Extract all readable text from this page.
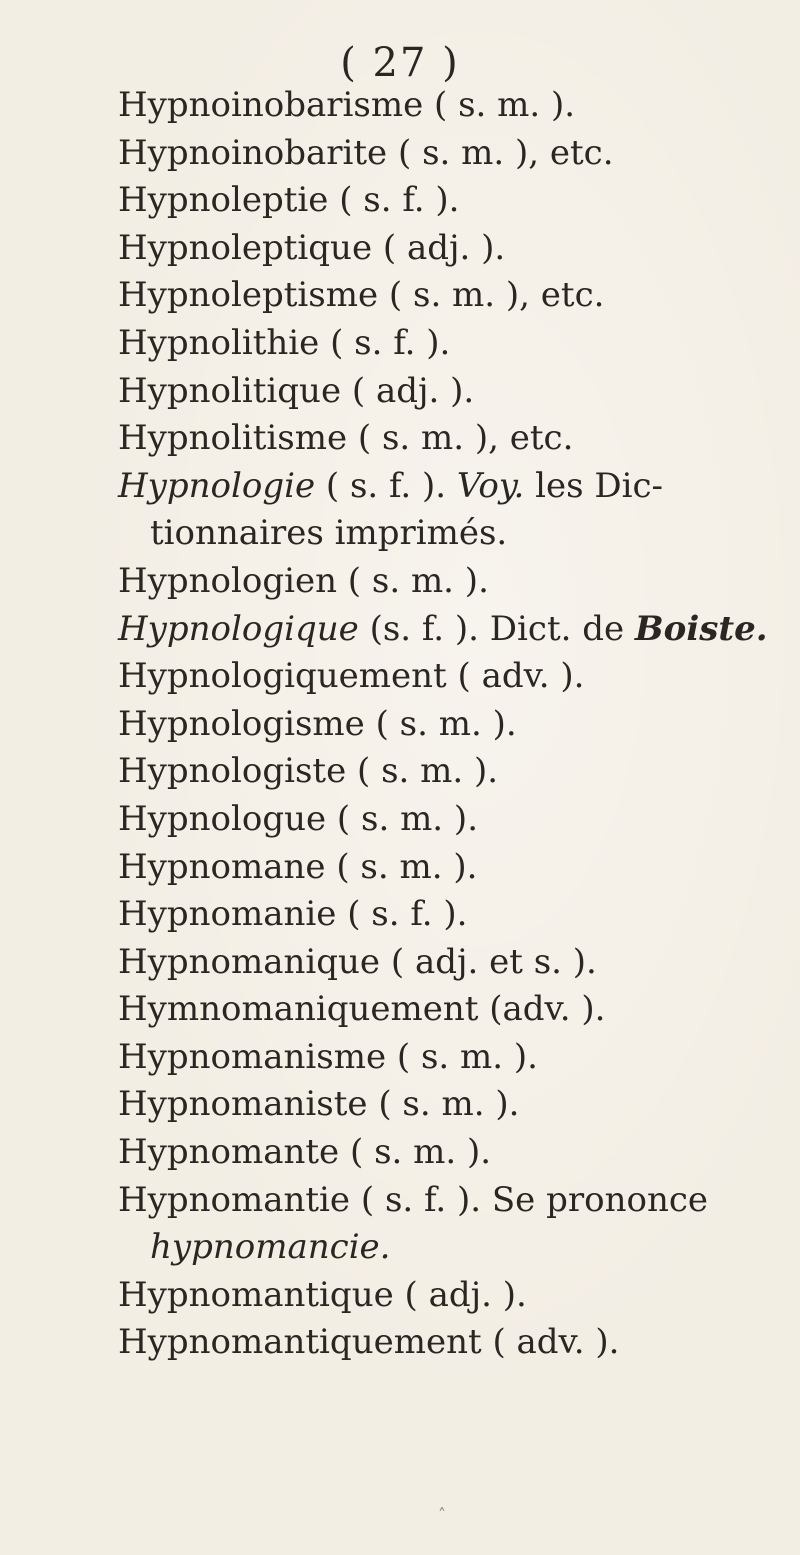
( 27 )
Hypnoinobarisme ( s. m. ).
Hypnoinobarite ( s. m. ), etc.
Hypnoleptie ( s. f. ).
Hypnoleptique ( adj. ).
Hypnoleptisme ( s. m. ), etc.
Hypnolithie ( s. f. ).
Hypnolitique ( adj. ).
Hypnolitisme ( s. m. ), etc.
Hypnologie ( s. f. ). Voy. les Dic-
tionnaires imprimés.
Hypnologien ( s. m. ).
Hypnologique (s. f. ). Dict. de Boiste.
Hypnologiquement ( adv. ).
Hypnologisme ( s. m. ).
Hypnologiste ( s. m. ).
Hypnologue ( s. m. ).
Hypnomane ( s. m. ).
Hypnomanie ( s. f. ).
Hypnomanique ( adj. et s. ).
Hymnomaniquement (adv. ).
Hypnomanisme ( s. m. ).
Hypnomaniste ( s. m. ).
Hypnomante ( s. m. ).
Hypnomantie ( s. f. ). Se prononce
hypnomancie.
Hypnomantique ( adj. ).
Hypnomantiquement ( adv. ).
˄
